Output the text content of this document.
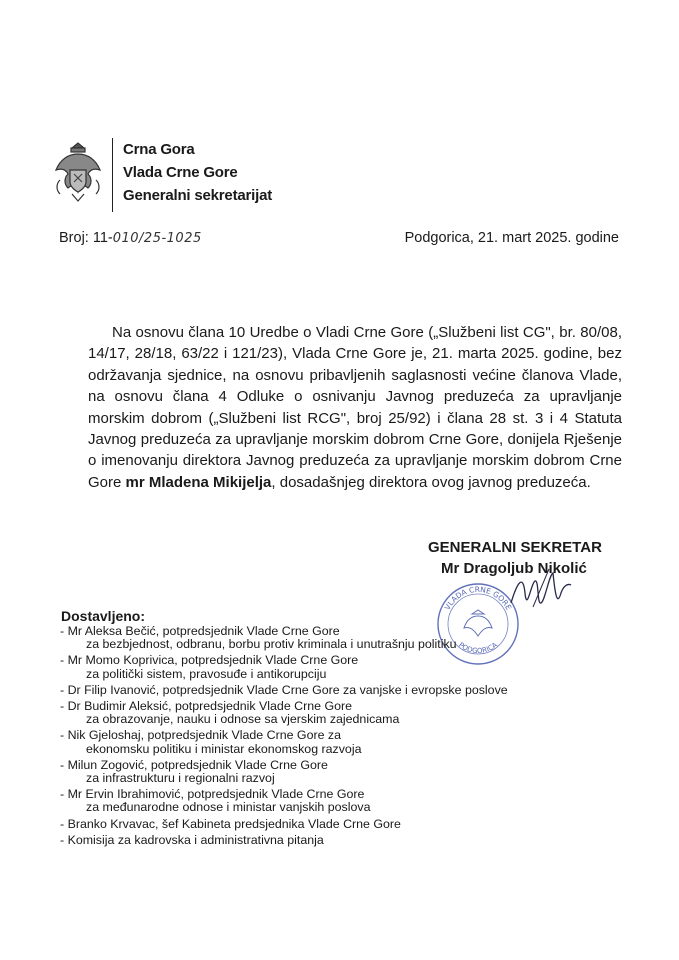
Crna Gora
Vlada Crne Gore
Generalni sekretarijat
Broj: 11-010/25-1025	Podgorica, 21. mart 2025. godine
Na osnovu člana 10 Uredbe o Vladi Crne Gore („Službeni list CG", br. 80/08, 14/17, 28/18, 63/22 i 121/23), Vlada Crne Gore je, 21. marta 2025. godine, bez održavanja sjednice, na osnovu pribavljenih saglasnosti većine članova Vlade, na osnovu člana 4 Odluke o osnivanju Javnog preduzeća za upravljanje morskim dobrom („Službeni list RCG", broj 25/92) i člana 28 st. 3 i 4 Statuta Javnog preduzeća za upravljanje morskim dobrom Crne Gore, donijela Rješenje o imenovanju direktora Javnog preduzeća za upravljanje morskim dobrom Crne Gore mr Mladena Mikijelja, dosadašnjeg direktora ovog javnog preduzeća.
VLADA CRNE GORE
PODGORICA
GENERALNI SEKRETAR
Mr Dragoljub Nikolić
Dostavljeno:
- Mr Aleksa Bečić, potpredsjednik Vlade Crne Gore
za bezbjednost, odbranu, borbu protiv kriminala i unutrašnju politiku
- Mr Momo Koprivica, potpredsjednik Vlade Crne Gore
za politički sistem, pravosuđe i antikorupciju
- Dr Filip Ivanović, potpredsjednik Vlade Crne Gore za vanjske i evropske poslove
- Dr Budimir Aleksić, potpredsjednik Vlade Crne Gore
za obrazovanje, nauku i odnose sa vjerskim zajednicama
- Nik Gjeloshaj, potpredsjednik Vlade Crne Gore za
ekonomsku politiku i ministar ekonomskog razvoja
- Milun Zogović, potpredsjednik Vlade Crne Gore
za infrastrukturu i regionalni razvoj
- Mr Ervin Ibrahimović, potpredsjednik Vlade Crne Gore
za međunarodne odnose i ministar vanjskih poslova
- Branko Krvavac, šef Kabineta predsjednika Vlade Crne Gore
- Komisija za kadrovska i administrativna pitanja
